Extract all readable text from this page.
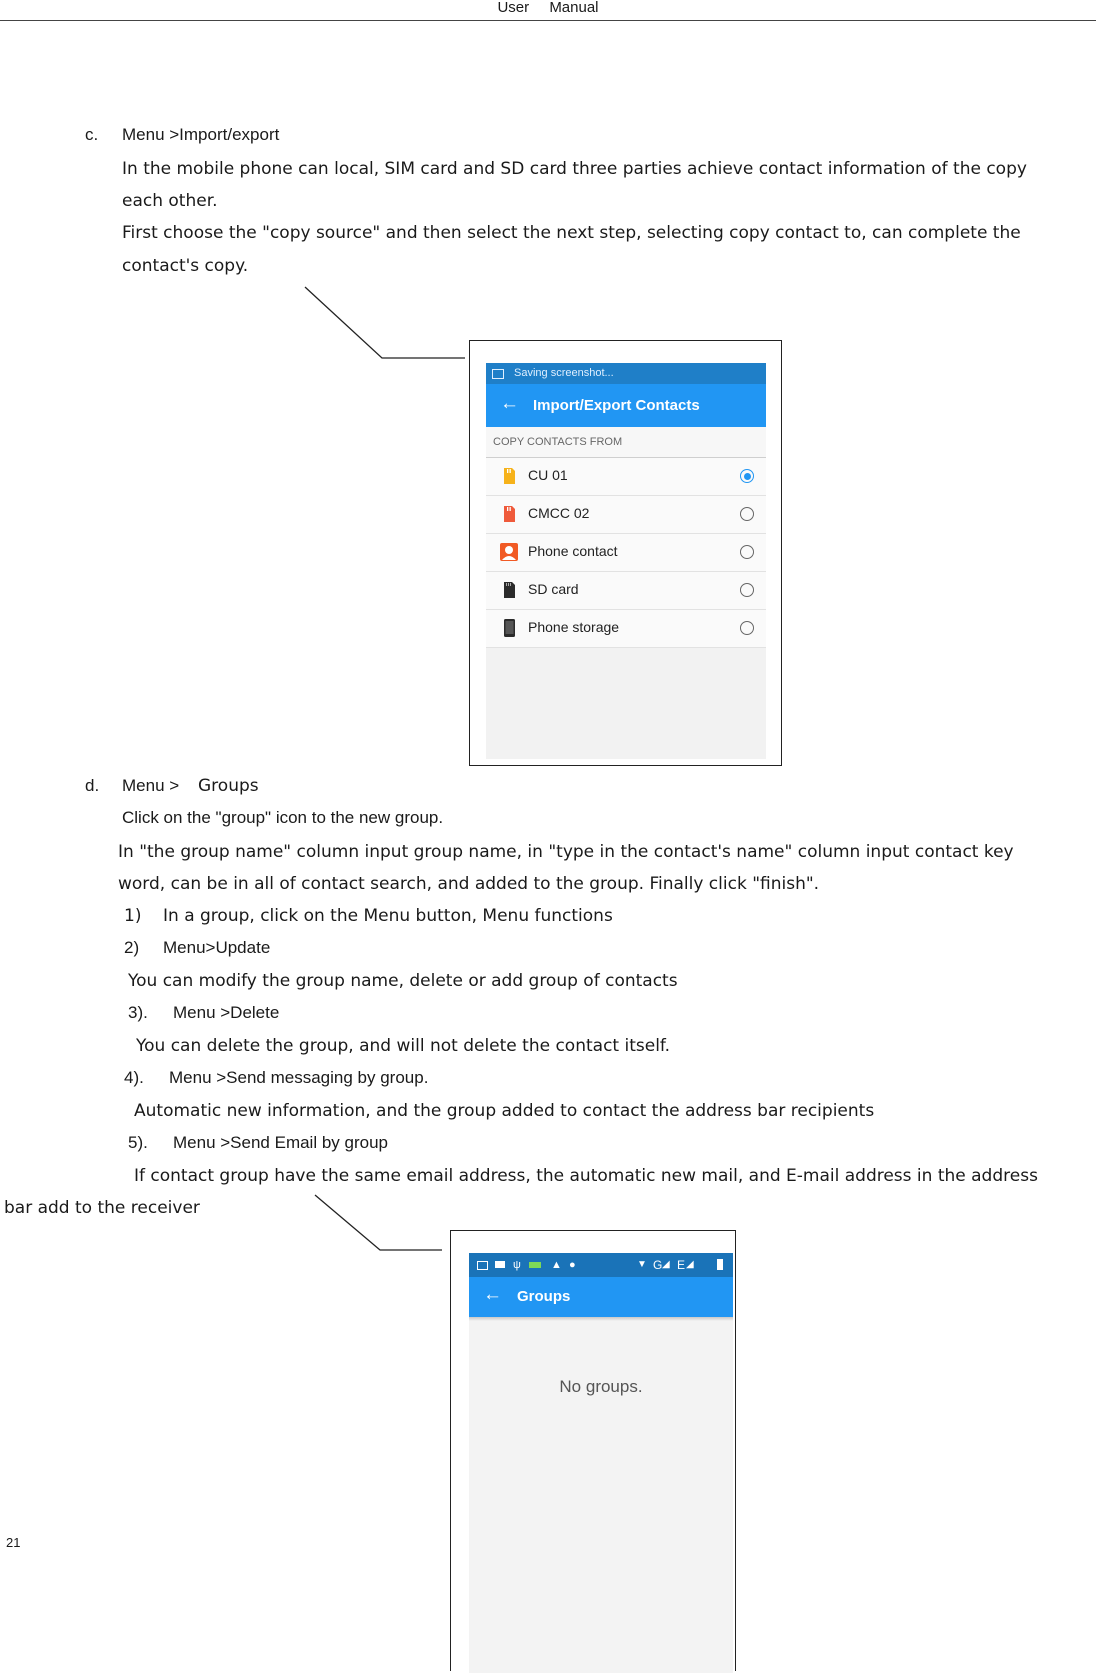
User Manual
c. Menu >Import/export
In the mobile phone can local, SIM card and SD card three parties achieve contact information of the copy
each other.
First choose the "copy source" and then select the next step, selecting copy contact to, can complete the
contact's copy.
Saving screenshot...
← Import/Export Contacts
COPY CONTACTS FROM
CU 01
CMCC 02
Phone contact
SD card
Phone storage
d. Menu > Groups
Click on the "group" icon to the new group.
In "the group name" column input group name, in "type in the contact's name" column input contact key
word, can be in all of contact search, and added to the group. Finally click "finish".
1) In a group, click on the Menu button, Menu functions
2) Menu>Update
You can modify the group name, delete or add group of contacts
3). Menu >Delete
You can delete the group, and will not delete the contact itself.
4). Menu >Send messaging by group.
Automatic new information, and the group added to contact the address bar recipients
5). Menu >Send Email by group
If contact group have the same email address, the automatic new mail, and E-mail address in the address
bar add to the receiver
ψ	▲ ●	▼ G ◢ E ◢
← Groups
No groups.
21
